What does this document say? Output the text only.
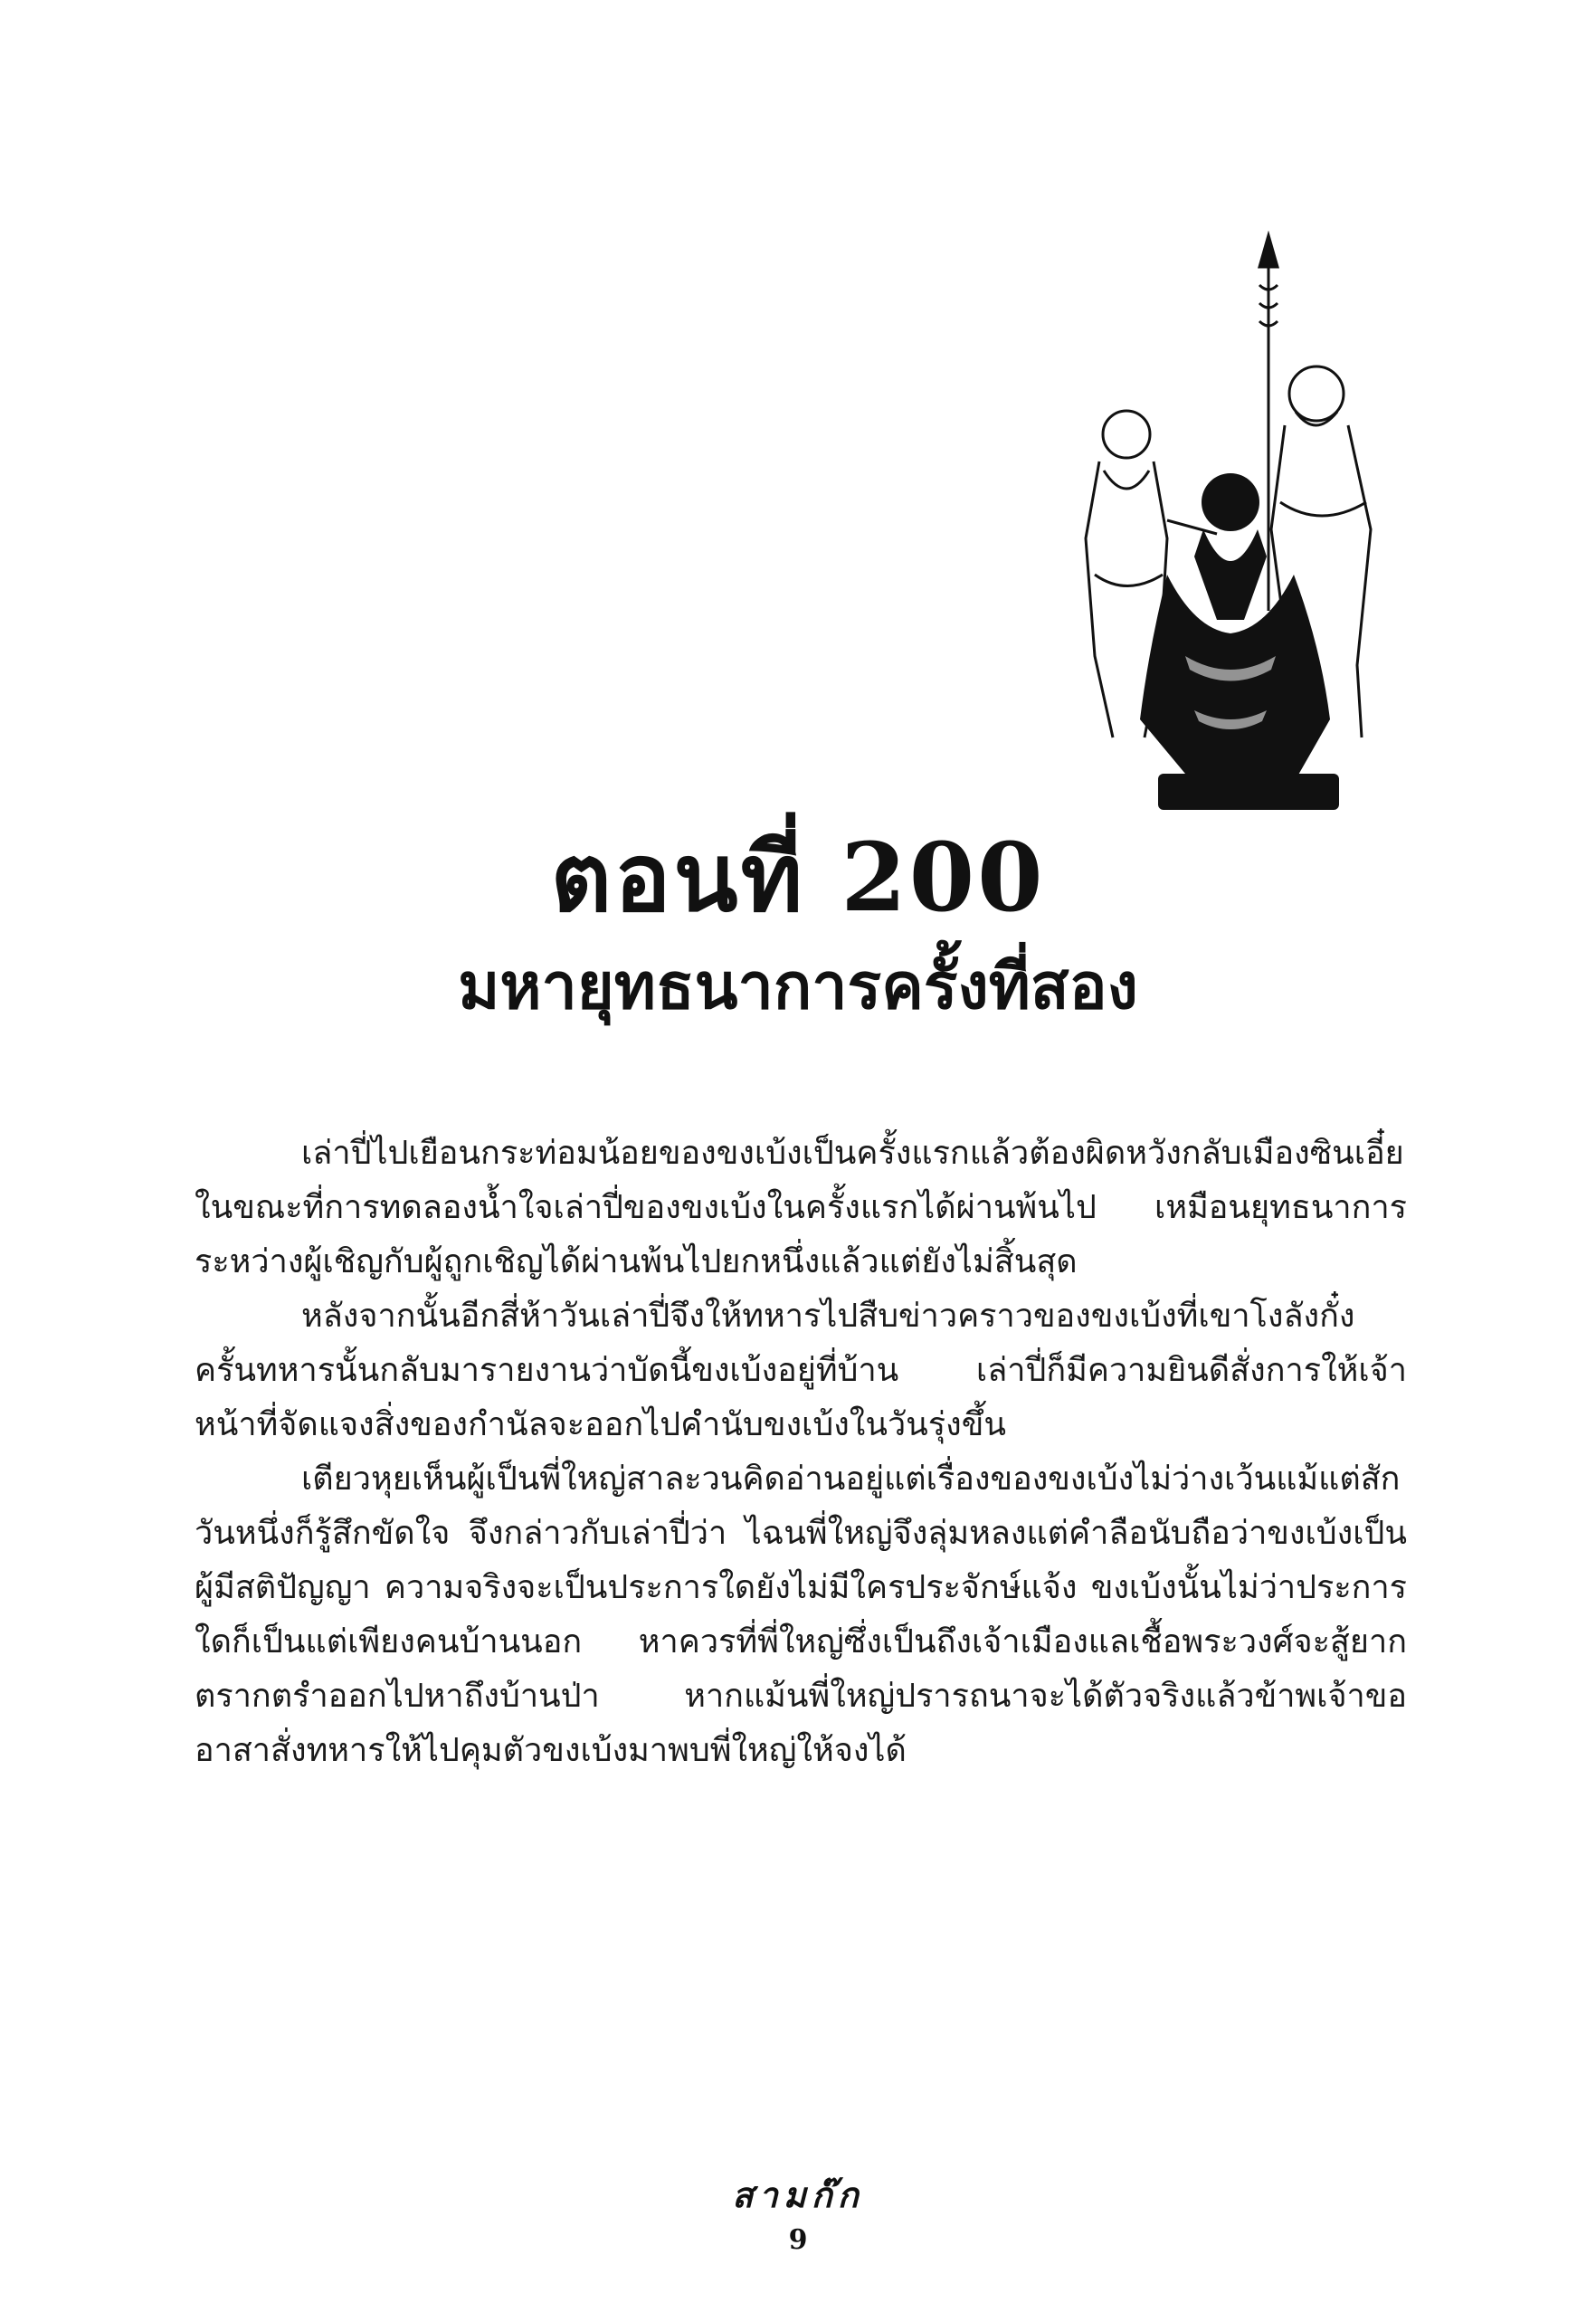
ตอนที่ 200
มหายุทธนาการครั้งที่สอง

เล่าปี่ไปเยือนกระท่อมน้อยของขงเบ้งเป็นครั้งแรกแล้วต้องผิดหวังกลับเมืองซินเอี๋ย ในขณะที่การทดลองน้ำใจเล่าปี่ของขงเบ้งในครั้งแรกได้ผ่านพ้นไป เหมือนยุทธนาการระหว่างผู้เชิญกับผู้ถูกเชิญได้ผ่านพ้นไปยกหนึ่งแล้วแต่ยังไม่สิ้นสุด

หลังจากนั้นอีกสี่ห้าวันเล่าปี่จึงให้ทหารไปสืบข่าวคราวของขงเบ้งที่เขาโงลังกั๋ง ครั้นทหารนั้นกลับมารายงานว่าบัดนี้ขงเบ้งอยู่ที่บ้าน เล่าปี่ก็มีความยินดีสั่งการให้เจ้าหน้าที่จัดแจงสิ่งของกำนัลจะออกไปคำนับขงเบ้งในวันรุ่งขึ้น

เตียวหุยเห็นผู้เป็นพี่ใหญ่สาละวนคิดอ่านอยู่แต่เรื่องของขงเบ้งไม่ว่างเว้นแม้แต่สักวันหนึ่งก็รู้สึกขัดใจ จึงกล่าวกับเล่าปี่ว่า ไฉนพี่ใหญ่จึงลุ่มหลงแต่คำลือนับถือว่าขงเบ้งเป็นผู้มีสติปัญญา ความจริงจะเป็นประการใดยังไม่มีใครประจักษ์แจ้ง ขงเบ้งนั้นไม่ว่าประการใดก็เป็นแต่เพียงคนบ้านนอก หาควรที่พี่ใหญ่ซึ่งเป็นถึงเจ้าเมืองแลเชื้อพระวงศ์จะสู้ยากตรากตรำออกไปหาถึงบ้านป่า หากแม้นพี่ใหญ่ปรารถนาจะได้ตัวจริงแล้วข้าพเจ้าขออาสาสั่งทหารให้ไปคุมตัวขงเบ้งมาพบพี่ใหญ่ให้จงได้

สามก๊ก
9
